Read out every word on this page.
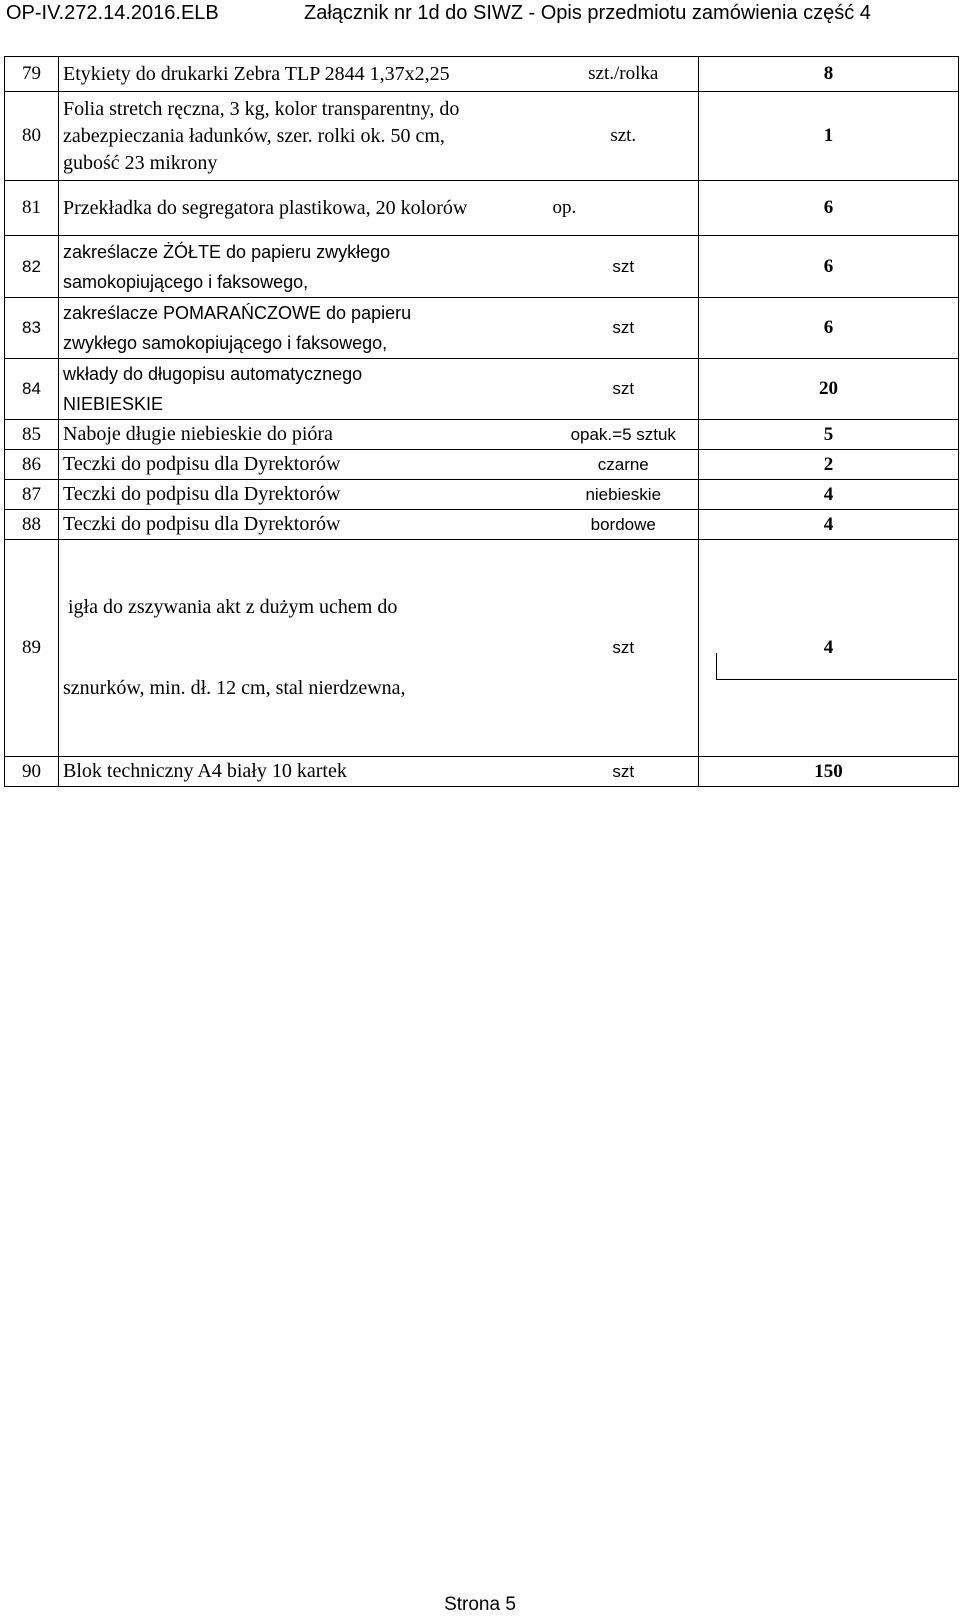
OP-IV.272.14.2016.ELB	Załącznik nr 1d do SIWZ - Opis przedmiotu zamówienia część 4
79	Etykiety do drukarki Zebra TLP 2844 1,37x2,25	szt./rolka	8
80	Folia stretch ręczna, 3 kg, kolor transparentny, do
zabezpieczania ładunków, szer. rolki ok. 50 cm,
gubość 23 mikrony	szt.	1
81	Przekładka do segregatora plastikowa, 20 kolorów	op.	6
82	zakreślacze ŻÓŁTE do papieru zwykłego
samokopiującego i faksowego,	szt	6
83	zakreślacze POMARAŃCZOWE do papieru
zwykłego samokopiującego i faksowego,	szt	6
84	wkłady do długopisu automatycznego
NIEBIESKIE	szt	20
85	Naboje długie niebieskie do pióra	opak.=5 sztuk	5
86	Teczki do podpisu dla Dyrektorów	czarne	2
87	Teczki do podpisu dla Dyrektorów	niebieskie	4
88	Teczki do podpisu dla Dyrektorów	bordowe	4
89	igła do zszywania akt z dużym uchem do

sznurków, min. dł. 12 cm, stal nierdzewna,	szt	4
90	Blok techniczny A4 biały 10 kartek	szt	150
Strona 5
